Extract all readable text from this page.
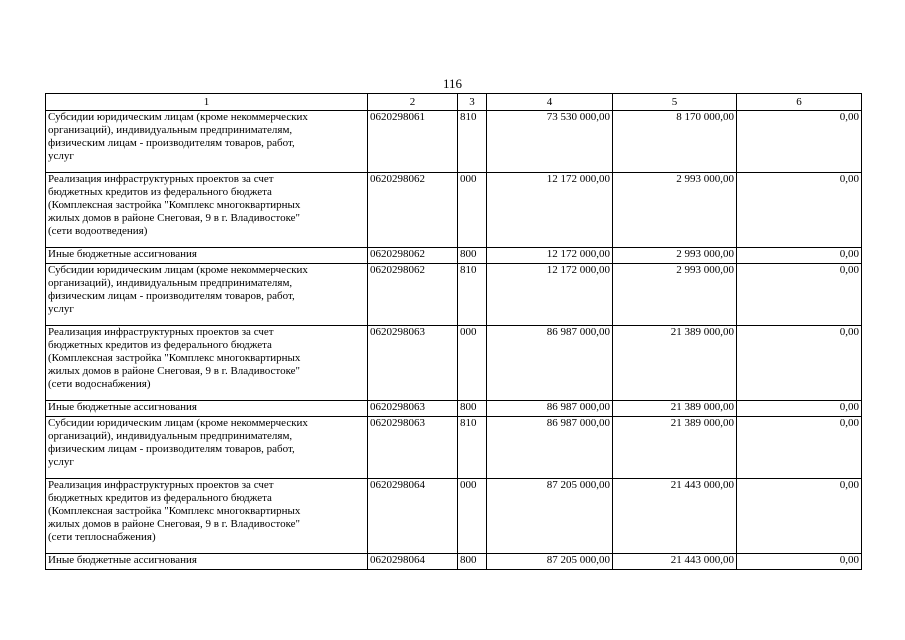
116
1	2	3	4	5	6

Субсидии юридическим лицам (кроме некоммерческих
организаций), индивидуальным предпринимателям,
физическим лицам - производителям товаров, работ,
услуг	0620298061	810	73 530 000,00	8 170 000,00	0,00

Реализация инфраструктурных проектов за счет
бюджетных кредитов из федерального бюджета
(Комплексная застройка "Комплекс многоквартирных
жилых домов в районе Снеговая, 9 в г. Владивостоке"
(сети водоотведения)	0620298062	000	12 172 000,00	2 993 000,00	0,00

Иные бюджетные ассигнования	0620298062	800	12 172 000,00	2 993 000,00	0,00

Субсидии юридическим лицам (кроме некоммерческих
организаций), индивидуальным предпринимателям,
физическим лицам - производителям товаров, работ,
услуг	0620298062	810	12 172 000,00	2 993 000,00	0,00

Реализация инфраструктурных проектов за счет
бюджетных кредитов из федерального бюджета
(Комплексная застройка "Комплекс многоквартирных
жилых домов в районе Снеговая, 9 в г. Владивостоке"
(сети водоснабжения)	0620298063	000	86 987 000,00	21 389 000,00	0,00

Иные бюджетные ассигнования	0620298063	800	86 987 000,00	21 389 000,00	0,00

Субсидии юридическим лицам (кроме некоммерческих
организаций), индивидуальным предпринимателям,
физическим лицам - производителям товаров, работ,
услуг	0620298063	810	86 987 000,00	21 389 000,00	0,00

Реализация инфраструктурных проектов за счет
бюджетных кредитов из федерального бюджета
(Комплексная застройка "Комплекс многоквартирных
жилых домов в районе Снеговая, 9 в г. Владивостоке"
(сети теплоснабжения)	0620298064	000	87 205 000,00	21 443 000,00	0,00

Иные бюджетные ассигнования	0620298064	800	87 205 000,00	21 443 000,00	0,00
